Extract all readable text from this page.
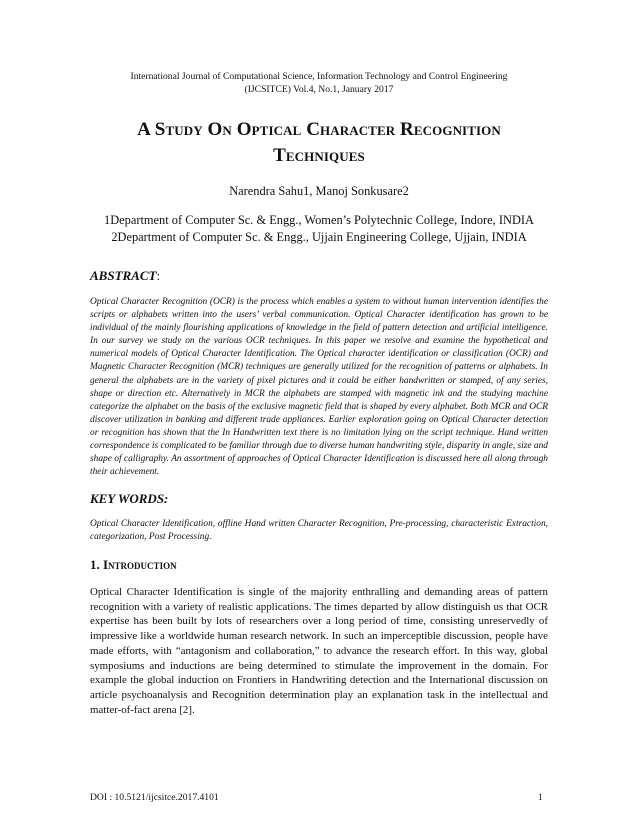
International Journal of Computational Science, Information Technology and Control Engineering
(IJCSITCE) Vol.4, No.1, January 2017
A Study On Optical Character Recognition
Techniques
Narendra Sahu1, Manoj Sonkusare2
1Department of Computer Sc. & Engg., Women’s Polytechnic College, Indore, INDIA
2Department of Computer Sc. & Engg., Ujjain Engineering College, Ujjain, INDIA
ABSTRACT:
Optical Character Recognition (OCR) is the process which enables a system to without human intervention identifies the scripts or alphabets written into the users’ verbal communication. Optical Character identification has grown to be individual of the mainly flourishing applications of knowledge in the field of pattern detection and artificial intelligence. In our survey we study on the various OCR techniques. In this paper we resolve and examine the hypothetical and numerical models of Optical Character Identification. The Optical character identification or classification (OCR) and Magnetic Character Recognition (MCR) techniques are generally utilized for the recognition of patterns or alphabets. In general the alphabets are in the variety of pixel pictures and it could be either handwritten or stamped, of any series, shape or direction etc. Alternatively in MCR the alphabets are stamped with magnetic ink and the studying machine categorize the alphabet on the basis of the exclusive magnetic field that is shaped by every alphabet. Both MCR and OCR discover utilization in banking and different trade appliances. Earlier exploration going on Optical Character detection or recognition has shown that the In Handwritten text there is no limitation lying on the script technique. Hand written correspondence is complicated to be familiar through due to diverse human handwriting style, disparity in angle, size and shape of calligraphy. An assortment of approaches of Optical Character Identification is discussed here all along through their achievement.
KEY WORDS:
Optical Character Identification, offline Hand written Character Recognition, Pre-processing, characteristic Extraction, categorization, Post Processing.
1. Introduction
Optical Character Identification is single of the majority enthralling and demanding areas of pattern recognition with a variety of realistic applications. The times departed by allow distinguish us that OCR expertise has been built by lots of researchers over a long period of time, consisting unreservedly of impressive like a worldwide human research network. In such an imperceptible discussion, people have made efforts, with “antagonism and collaboration,” to advance the research effort. In this way, global symposiums and inductions are being determined to stimulate the improvement in the domain. For example the global induction on Frontiers in Handwriting detection and the International discussion on article psychoanalysis and Recognition determination play an explanation task in the intellectual and matter-of-fact arena [2].
DOI : 10.5121/ijcsitce.2017.4101	1
